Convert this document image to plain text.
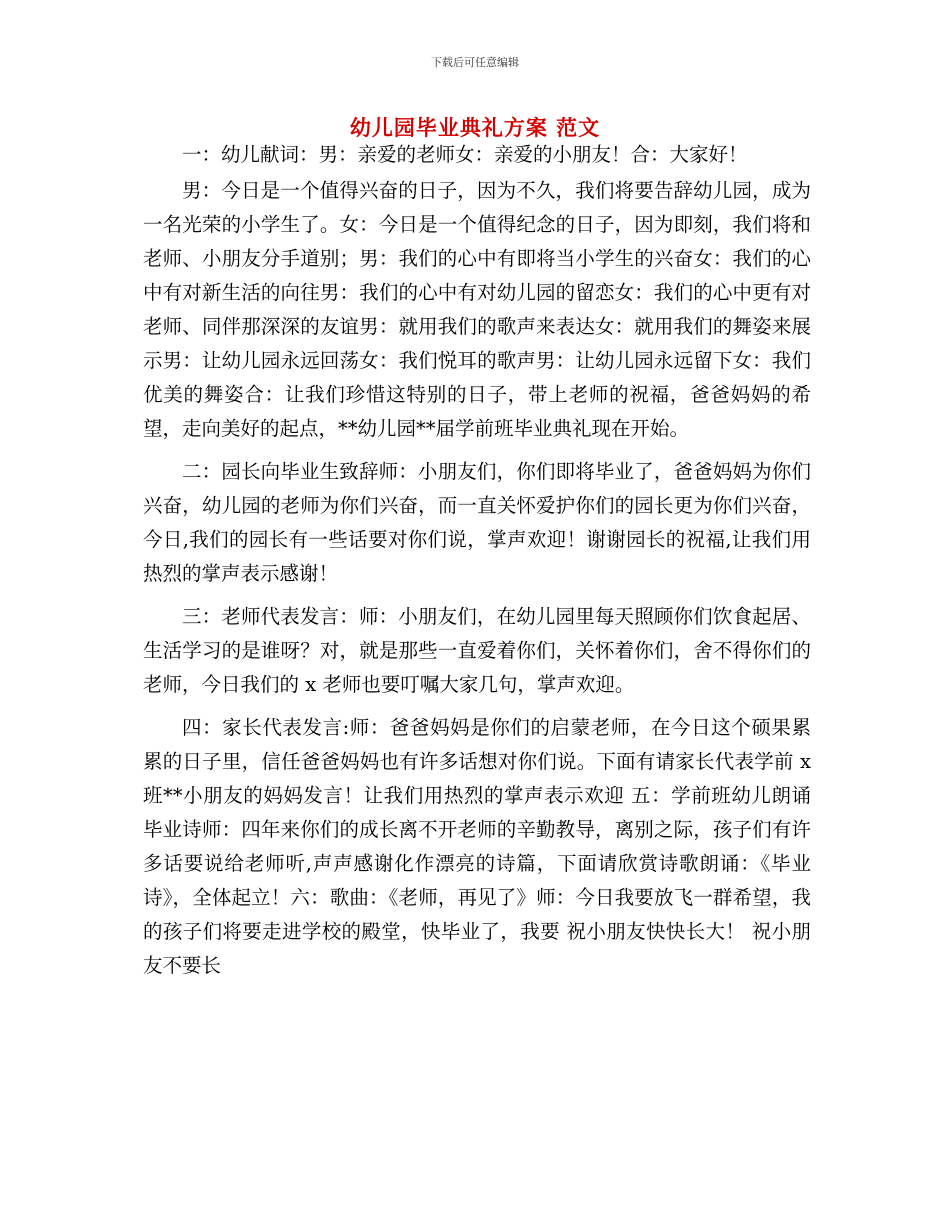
下载后可任意编辑
幼儿园毕业典礼方案 范文

一：幼儿献词：男：亲爱的老师女：亲爱的小朋友！合：大家好！

男：今日是一个值得兴奋的日子，因为不久，我们将要告辞幼儿园，成为一名光荣的小学生了。女：今日是一个值得纪念的日子，因为即刻，我们将和老师、小朋友分手道别；男：我们的心中有即将当小学生的兴奋女：我们的心中有对新生活的向往男：我们的心中有对幼儿园的留恋女：我们的心中更有对老师、同伴那深深的友谊男：就用我们的歌声来表达女：就用我们的舞姿来展示男：让幼儿园永远回荡女：我们悦耳的歌声男：让幼儿园永远留下女：我们优美的舞姿合：让我们珍惜这特别的日子，带上老师的祝福，爸爸妈妈的希望，走向美好的起点，**幼儿园**届学前班毕业典礼现在开始。

二：园长向毕业生致辞师：小朋友们，你们即将毕业了，爸爸妈妈为你们兴奋，幼儿园的老师为你们兴奋，而一直关怀爱护你们的园长更为你们兴奋，今日,我们的园长有一些话要对你们说，掌声欢迎！谢谢园长的祝福,让我们用热烈的掌声表示感谢！

三：老师代表发言：师：小朋友们，在幼儿园里每天照顾你们饮食起居、生活学习的是谁呀？对，就是那些一直爱着你们，关怀着你们，舍不得你们的老师，今日我们的 x 老师也要叮嘱大家几句，掌声欢迎。

四：家长代表发言:师：爸爸妈妈是你们的启蒙老师，在今日这个硕果累累的日子里，信任爸爸妈妈也有许多话想对你们说。下面有请家长代表学前 x 班**小朋友的妈妈发言！让我们用热烈的掌声表示欢迎 五：学前班幼儿朗诵毕业诗师：四年来你们的成长离不开老师的辛勤教导，离别之际，孩子们有许多话要说给老师听,声声感谢化作漂亮的诗篇，下面请欣赏诗歌朗诵：《毕业诗》，全体起立！六：歌曲：《老师，再见了》师：今日我要放飞一群希望，我的孩子们将要走进学校的殿堂，快毕业了，我要 祝小朋友快快长大！ 祝小朋友不要长
